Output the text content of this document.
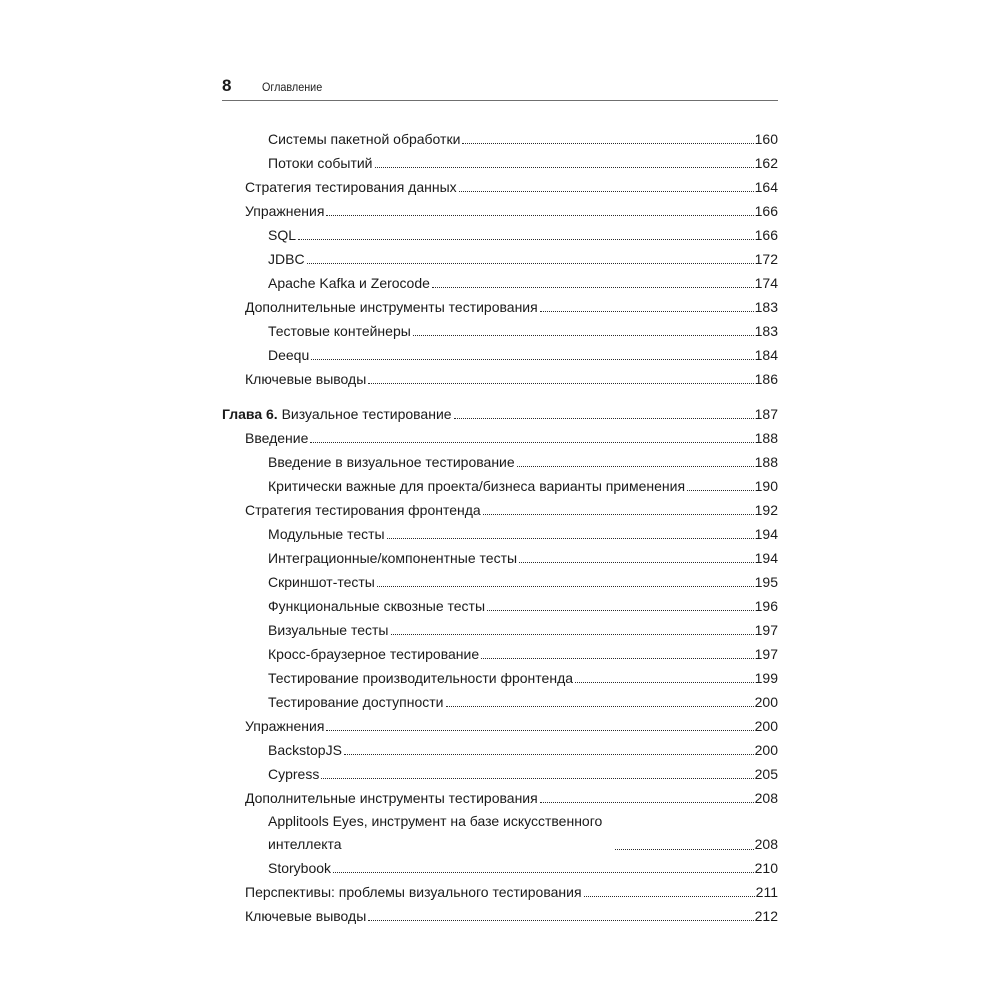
8	Оглавление
Системы пакетной обработки	160
Потоки событий	162
Стратегия тестирования данных	164
Упражнения	166
SQL	166
JDBC	172
Apache Kafka и Zerocode	174
Дополнительные инструменты тестирования	183
Тестовые контейнеры	183
Deequ	184
Ключевые выводы	186
Глава 6. Визуальное тестирование	187
Введение	188
Введение в визуальное тестирование	188
Критически важные для проекта/бизнеса варианты применения	190
Стратегия тестирования фронтенда	192
Модульные тесты	194
Интеграционные/компонентные тесты	194
Скриншот-тесты	195
Функциональные сквозные тесты	196
Визуальные тесты	197
Кросс-браузерное тестирование	197
Тестирование производительности фронтенда	199
Тестирование доступности	200
Упражнения	200
BackstopJS	200
Cypress	205
Дополнительные инструменты тестирования	208
Applitools Eyes, инструмент на базе искусственного интеллекта	208
Storybook	210
Перспективы: проблемы визуального тестирования	211
Ключевые выводы	212
